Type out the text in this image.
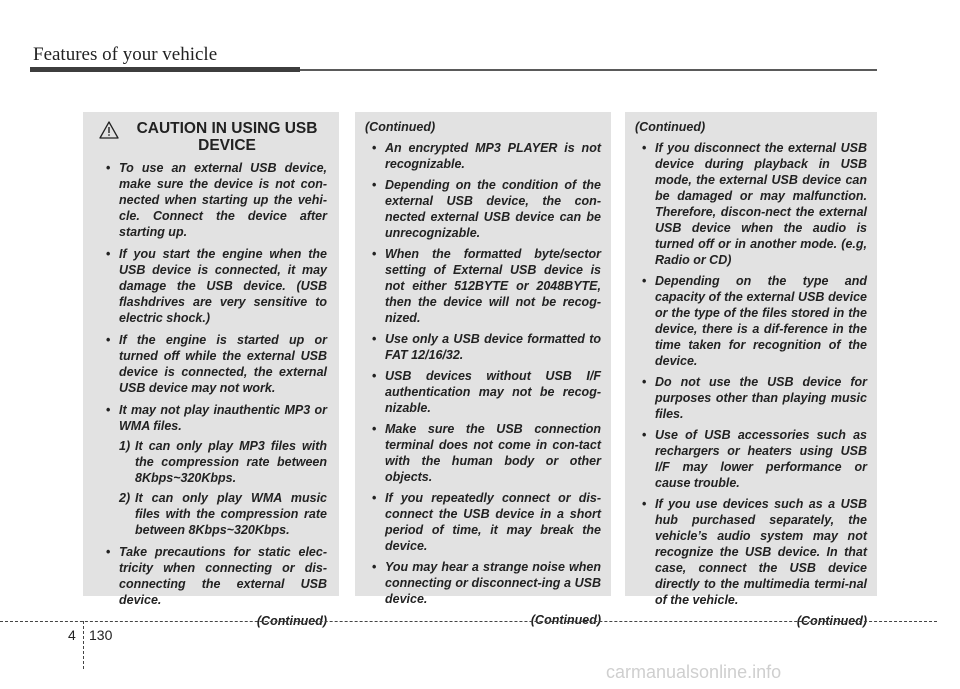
Features of your vehicle
CAUTION IN USING USB DEVICE
• To use an external USB device, make sure the device is not con-nected when starting up the vehi-cle. Connect the device after starting up.
• If you start the engine when the USB device is connected, it may damage the USB device. (USB flashdrives are very sensitive to electric shock.)
• If the engine is started up or turned off while the external USB device is connected, the external USB device may not work.
• It may not play inauthentic MP3 or WMA files.
1) It can only play MP3 files with the compression rate between 8Kbps~320Kbps.
2) It can only play WMA music files with the compression rate between 8Kbps~320Kbps.
• Take precautions for static elec-tricity when connecting or dis-connecting the external USB device.
(Continued)
(Continued)
• An encrypted MP3 PLAYER is not recognizable.
• Depending on the condition of the external USB device, the con-nected external USB device can be unrecognizable.
• When the formatted byte/sector setting of External USB device is not either 512BYTE or 2048BYTE, then the device will not be recog-nized.
• Use only a USB device formatted to FAT 12/16/32.
• USB devices without USB I/F authentication may not be recog-nizable.
• Make sure the USB connection terminal does not come in con-tact with the human body or other objects.
• If you repeatedly connect or dis-connect the USB device in a short period of time, it may break the device.
• You may hear a strange noise when connecting or disconnect-ing a USB device.
(Continued)
(Continued)
• If you disconnect the external USB device during playback in USB mode, the external USB device can be damaged or may malfunction. Therefore, discon-nect the external USB device when the audio is turned off or in another mode. (e.g, Radio or CD)
• Depending on the type and capacity of the external USB device or the type of the files stored in the device, there is a dif-ference in the time taken for recognition of the device.
• Do not use the USB device for purposes other than playing music files.
• Use of USB accessories such as rechargers or heaters using USB I/F may lower performance or cause trouble.
• If you use devices such as a USB hub purchased separately, the vehicle’s audio system may not recognize the USB device. In that case, connect the USB device directly to the multimedia termi-nal of the vehicle.
(Continued)
4 130
carmanualsonline.info
